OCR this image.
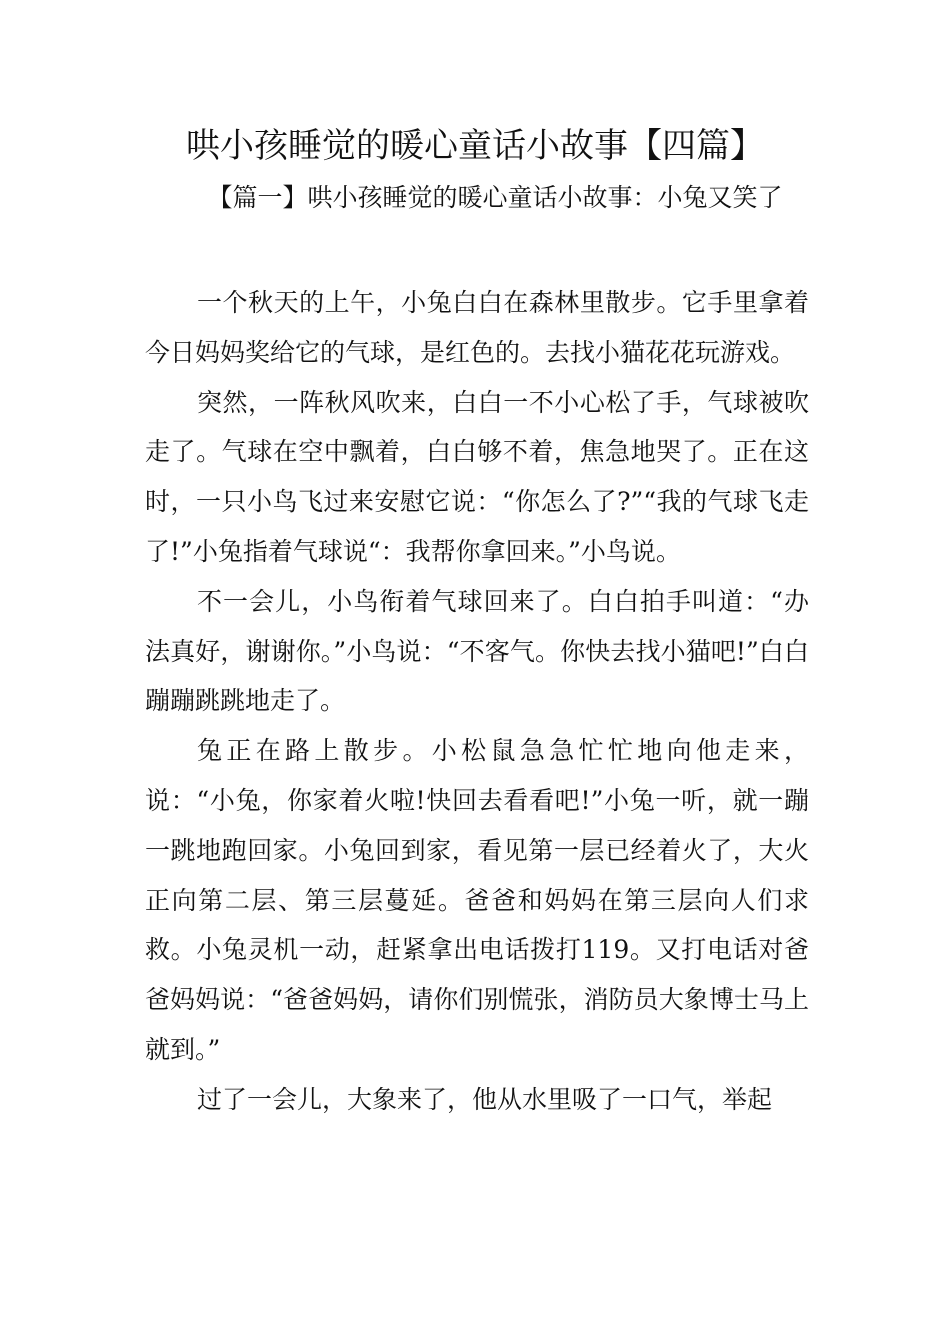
哄小孩睡觉的暖心童话小故事【四篇】
【篇一】哄小孩睡觉的暖心童话小故事：小兔又笑了

一个秋天的上午，小兔白白在森林里散步。它手里拿着今日妈妈奖给它的气球，是红色的。去找小猫花花玩游戏。

突然，一阵秋风吹来，白白一不小心松了手，气球被吹走了。气球在空中飘着，白白够不着，焦急地哭了。正在这时，一只小鸟飞过来安慰它说：“你怎么了?”“我的气球飞走了!”小兔指着气球说“：我帮你拿回来。”小鸟说。

不一会儿，小鸟衔着气球回来了。白白拍手叫道：“办法真好，谢谢你。”小鸟说：“不客气。你快去找小猫吧!”白白蹦蹦跳跳地走了。

兔正在路上散步。小松鼠急急忙忙地向他走来，说：“小兔，你家着火啦!快回去看看吧!”小兔一听，就一蹦一跳地跑回家。小兔回到家，看见第一层已经着火了，大火正向第二层、第三层蔓延。爸爸和妈妈在第三层向人们求救。小兔灵机一动，赶紧拿出电话拨打119。又打电话对爸爸妈妈说：“爸爸妈妈，请你们别慌张，消防员大象博士马上就到。”

过了一会儿，大象来了，他从水里吸了一口气，举起
